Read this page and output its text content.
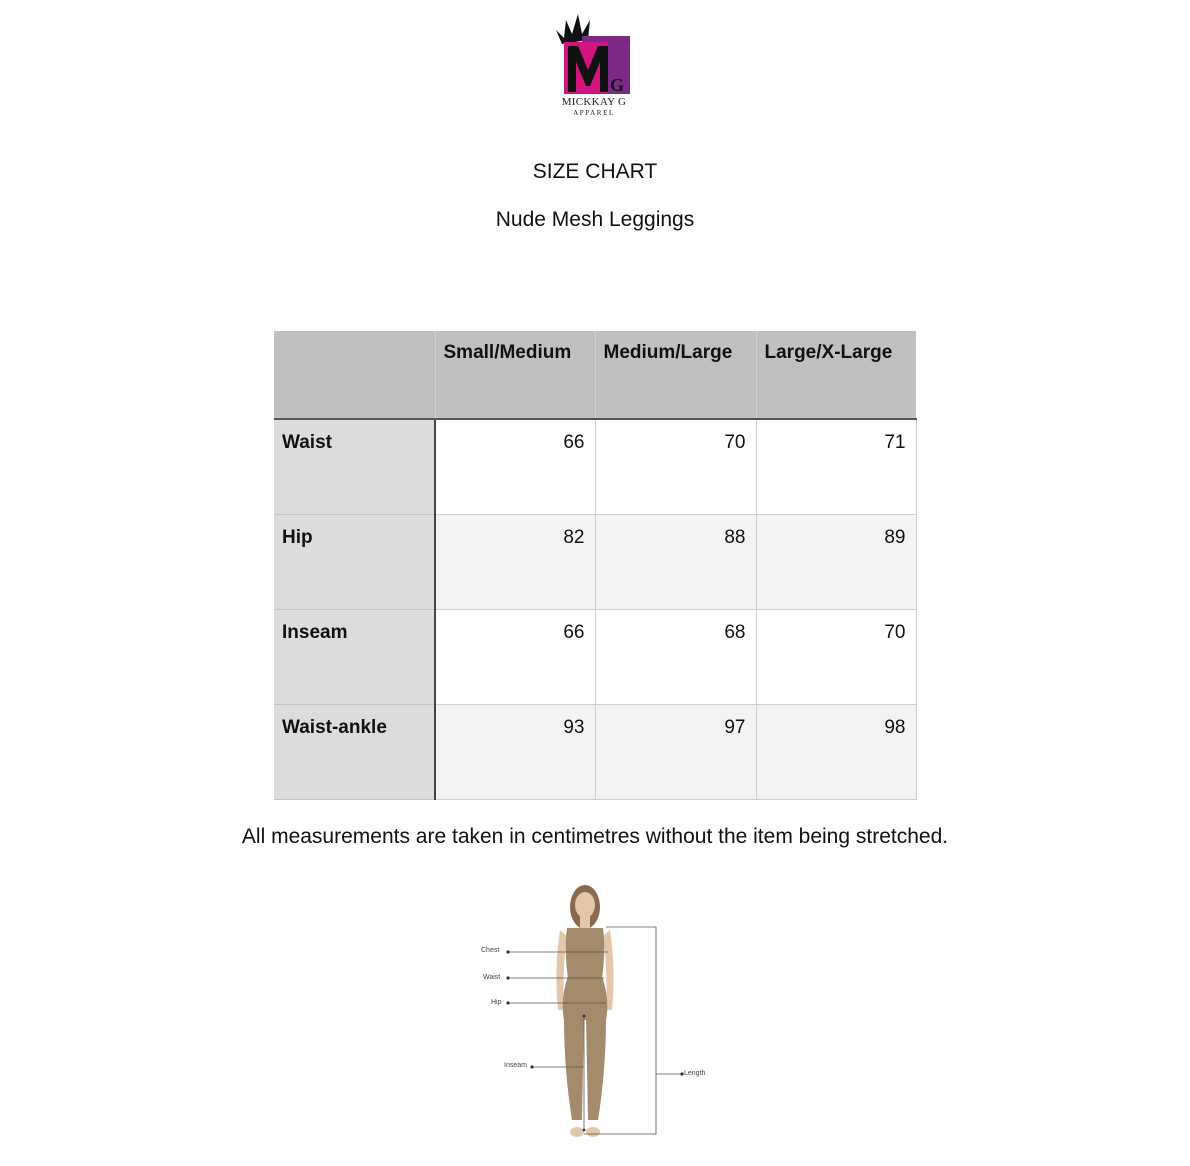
G
MICKKAY G
APPAREL
SIZE CHART
Nude Mesh Leggings
	Small/Medium	Medium/Large	Large/X-Large
Waist	66	70	71
Hip	82	88	89
Inseam	66	68	70
Waist-ankle	93	97	98
All measurements are taken in centimetres without the item being stretched.
Chest
Waist
Hip
Inseam
Length
